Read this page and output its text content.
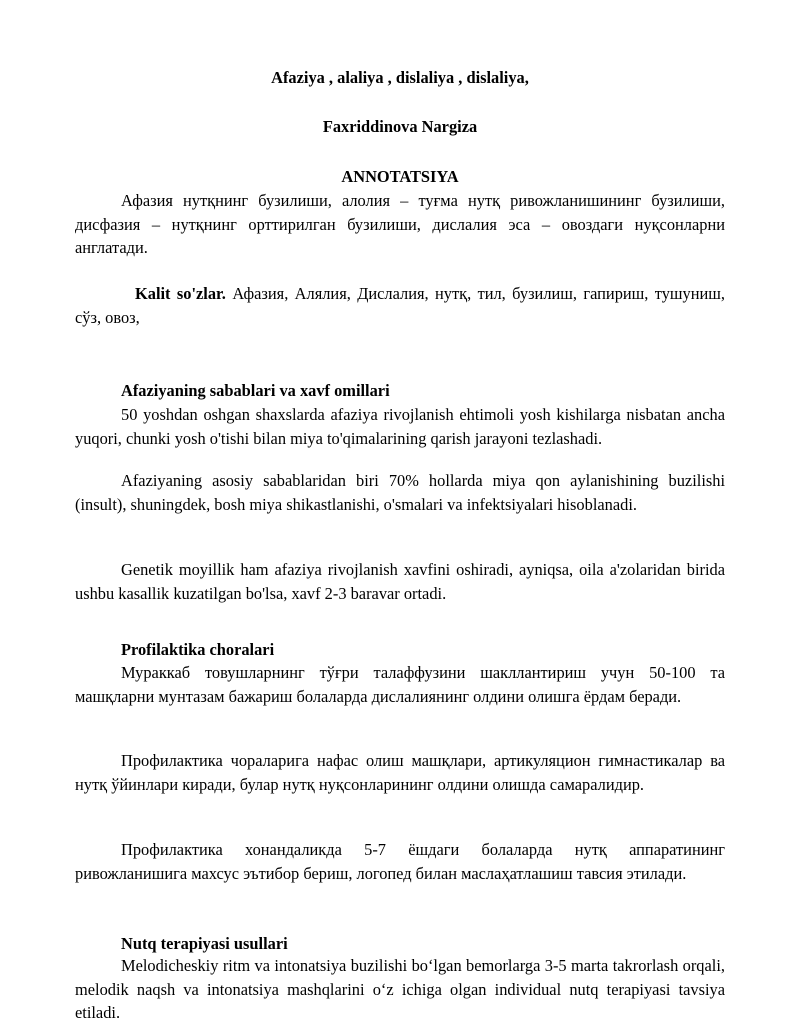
Afaziya , alaliya , dislaliya , dislaliya,
Faxriddinova Nargiza
ANNOTATSIYA
Афазия нутқнинг бузилиши, алолия – туғма нутқ ривожланишининг бузилиши, дисфазия – нутқнинг орттирилган бузилиши, дислалия эса – овоздаги нуқсонларни англатади.
Kalit so'zlar. Афазия, Алялия, Дислалия, нутқ, тил, бузилиш, гапириш, тушуниш, сўз, овоз,
Afaziyaning sabablari va xavf omillari
50 yoshdan oshgan shaxslarda afaziya rivojlanish ehtimoli yosh kishilarga nisbatan ancha yuqori, chunki yosh o'tishi bilan miya to'qimalarining qarish jarayoni tezlashadi.
Afaziyaning asosiy sabablaridan biri 70% hollarda miya qon aylanishining buzilishi (insult), shuningdek, bosh miya shikastlanishi, o'smalari va infektsiyalari hisoblanadi.
Genetik moyillik ham afaziya rivojlanish xavfini oshiradi, ayniqsa, oila a'zolaridan birida ushbu kasallik kuzatilgan bo'lsa, xavf 2-3 baravar ortadi.
Profilaktika choralari
Мураккаб товушларнинг тўғри талаффузини шакллантириш учун 50-100 та машқларни мунтазам бажариш болаларда дислалиянинг олдини олишга ёрдам беради.
Профилактика чораларига нафас олиш машқлари, артикуляцион гимнастикалар ва нутқ ўйинлари киради, булар нутқ нуқсонларининг олдини олишда самаралидир.
Профилактика хонандаликда 5-7 ёшдаги болаларда нутқ аппаратининг ривожланишига махсус эътибор бериш, логопед билан маслаҳатлашиш тавсия этилади.
Nutq terapiyasi usullari
Melodicheskiy ritm va intonatsiya buzilishi bo‘lgan bemorlarga 3-5 marta takrorlash orqali, melodik naqsh va intonatsiya mashqlarini o‘z ichiga olgan individual nutq terapiyasi tavsiya etiladi.
